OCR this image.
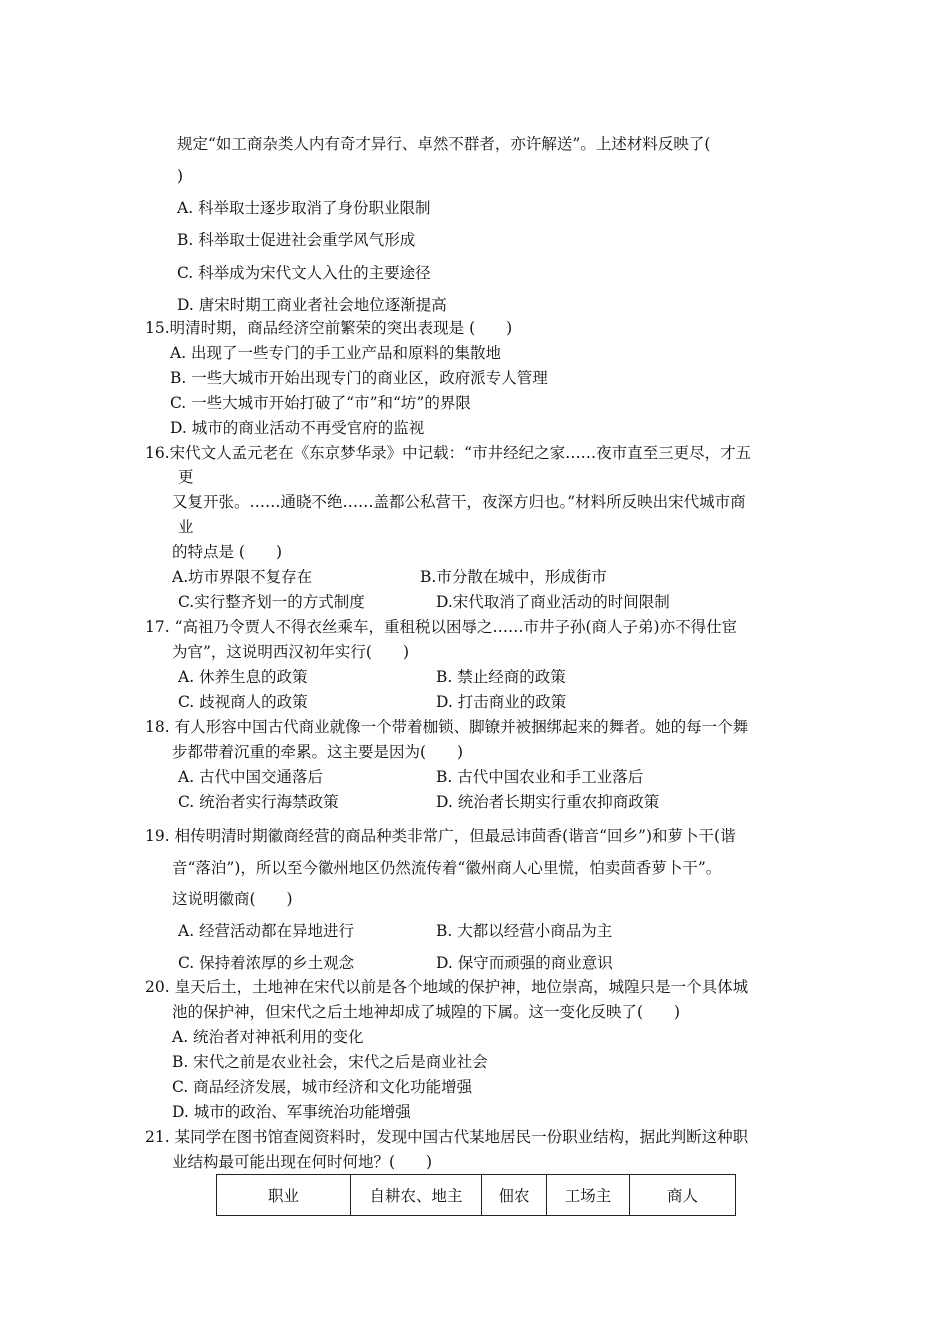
规定“如工商杂类人内有奇才异行、卓然不群者，亦许解送”。上述材料反映了(
)
A. 科举取士逐步取消了身份职业限制
B. 科举取士促进社会重学风气形成
C. 科举成为宋代文人入仕的主要途径
D. 唐宋时期工商业者社会地位逐渐提高
15.明清时期，商品经济空前繁荣的突出表现是 (　　)
A. 出现了一些专门的手工业产品和原料的集散地
B. 一些大城市开始出现专门的商业区，政府派专人管理
C. 一些大城市开始打破了“市”和“坊”的界限
D. 城市的商业活动不再受官府的监视
16.宋代文人孟元老在《东京梦华录》中记载：“市井经纪之家……夜市直至三更尽，才五
更
又复开张。……通晓不绝……盖都公私营干，夜深方归也。”材料所反映出宋代城市商
业
的特点是 (　　)
A.坊市界限不复存在	B.市分散在城中，形成街市
C.实行整齐划一的方式制度	D.宋代取消了商业活动的时间限制
17. “高祖乃令贾人不得衣丝乘车，重租税以困辱之……市井子孙(商人子弟)亦不得仕宦
为官”，这说明西汉初年实行(　　)
A. 休养生息的政策	B. 禁止经商的政策
C. 歧视商人的政策	D. 打击商业的政策
18. 有人形容中国古代商业就像一个带着枷锁、脚镣并被捆绑起来的舞者。她的每一个舞
步都带着沉重的牵累。这主要是因为(　　)
A. 古代中国交通落后	B. 古代中国农业和手工业落后
C. 统治者实行海禁政策	D. 统治者长期实行重农抑商政策
19. 相传明清时期徽商经营的商品种类非常广，但最忌讳茴香(谐音“回乡”)和萝卜干(谐
音“落泊”)，所以至今徽州地区仍然流传着“徽州商人心里慌，怕卖茴香萝卜干”。
这说明徽商(　　)
A. 经营活动都在异地进行	B. 大都以经营小商品为主
C. 保持着浓厚的乡土观念	D. 保守而顽强的商业意识
20. 皇天后土，土地神在宋代以前是各个地域的保护神，地位崇高，城隍只是一个具体城
池的保护神，但宋代之后土地神却成了城隍的下属。这一变化反映了(　　)
A. 统治者对神祇利用的变化
B. 宋代之前是农业社会，宋代之后是商业社会
C. 商品经济发展，城市经济和文化功能增强
D. 城市的政治、军事统治功能增强
21. 某同学在图书馆查阅资料时，发现中国古代某地居民一份职业结构，据此判断这种职
业结构最可能出现在何时何地？(　　)
职业	自耕农、地主	佃农	工场主	商人
